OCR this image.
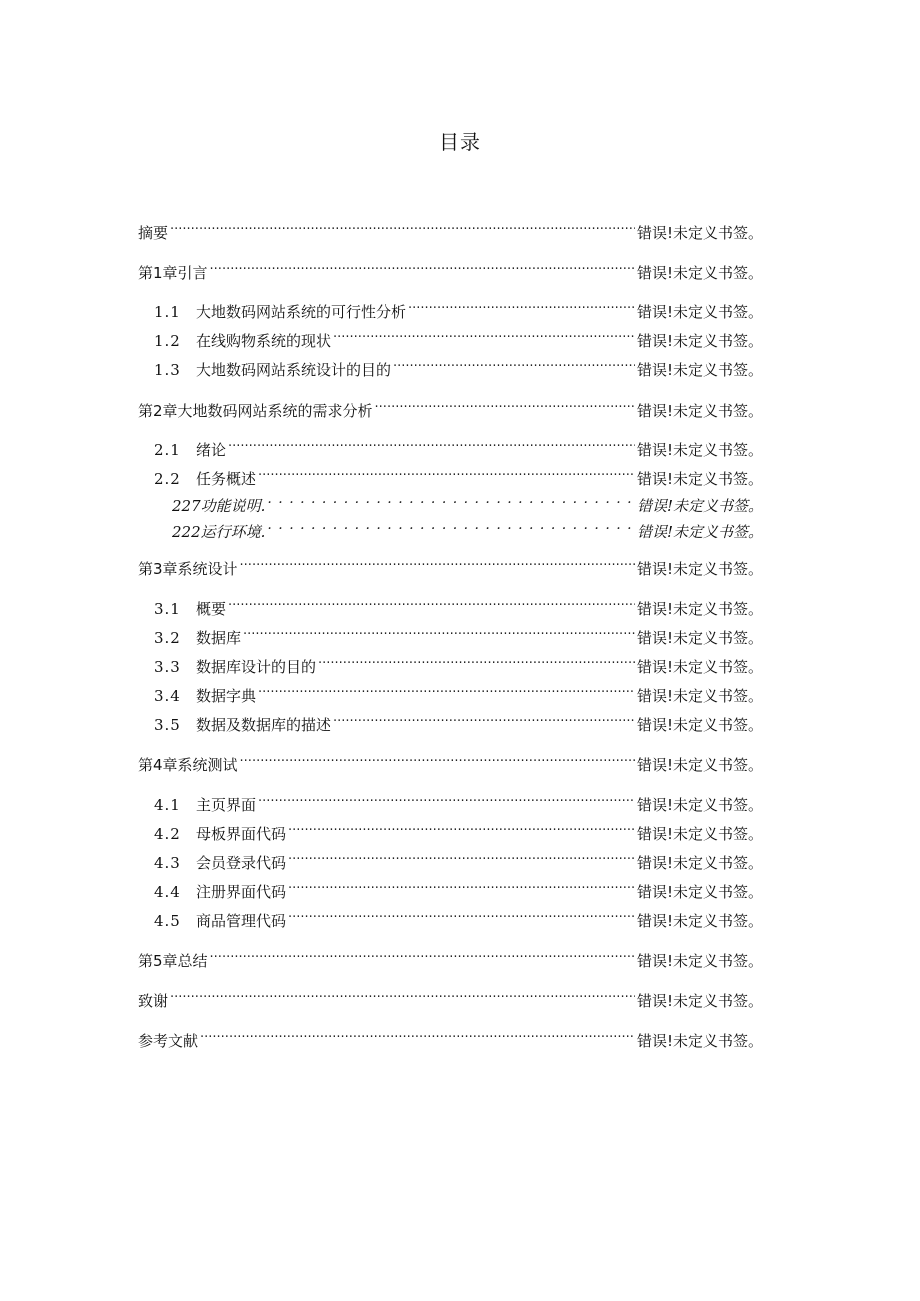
目录
摘要 .....	错误!未定义书签。
第1章引言 .....	错误!未定义书签。
1.1	大地数码网站系统的可行性分析 .....	错误!未定义书签。
1.2	在线购物系统的现状 .....	错误!未定义书签。
1.3	大地数码网站系统设计的目的 .....	错误!未定义书签。
第2章大地数码网站系统的需求分析 .....	错误!未定义书签。
2.1	绪论 .....	错误!未定义书签。
2.2	任务概述 .....	错误!未定义书签。
227功能说明. . . .	错误!未定义书签。
222运行环境. . . .	错误!未定义书签。
第3章系统设计 .....	错误!未定义书签。
3.1	概要 .....	错误!未定义书签。
3.2	数据库 .....	错误!未定义书签。
3.3	数据库设计的目的 .....	错误!未定义书签。
3.4	数据字典 .....	错误!未定义书签。
3.5	数据及数据库的描述 .....	错误!未定义书签。
第4章系统测试 .....	错误!未定义书签。
4.1	主页界面 .....	错误!未定义书签。
4.2	母板界面代码 .....	错误!未定义书签。
4.3	会员登录代码 .....	错误!未定义书签。
4.4	注册界面代码 .....	错误!未定义书签。
4.5	商品管理代码 .....	错误!未定义书签。
第5章总结 .....	错误!未定义书签。
致谢 .....	错误!未定义书签。
参考文献 .....	错误!未定义书签。
